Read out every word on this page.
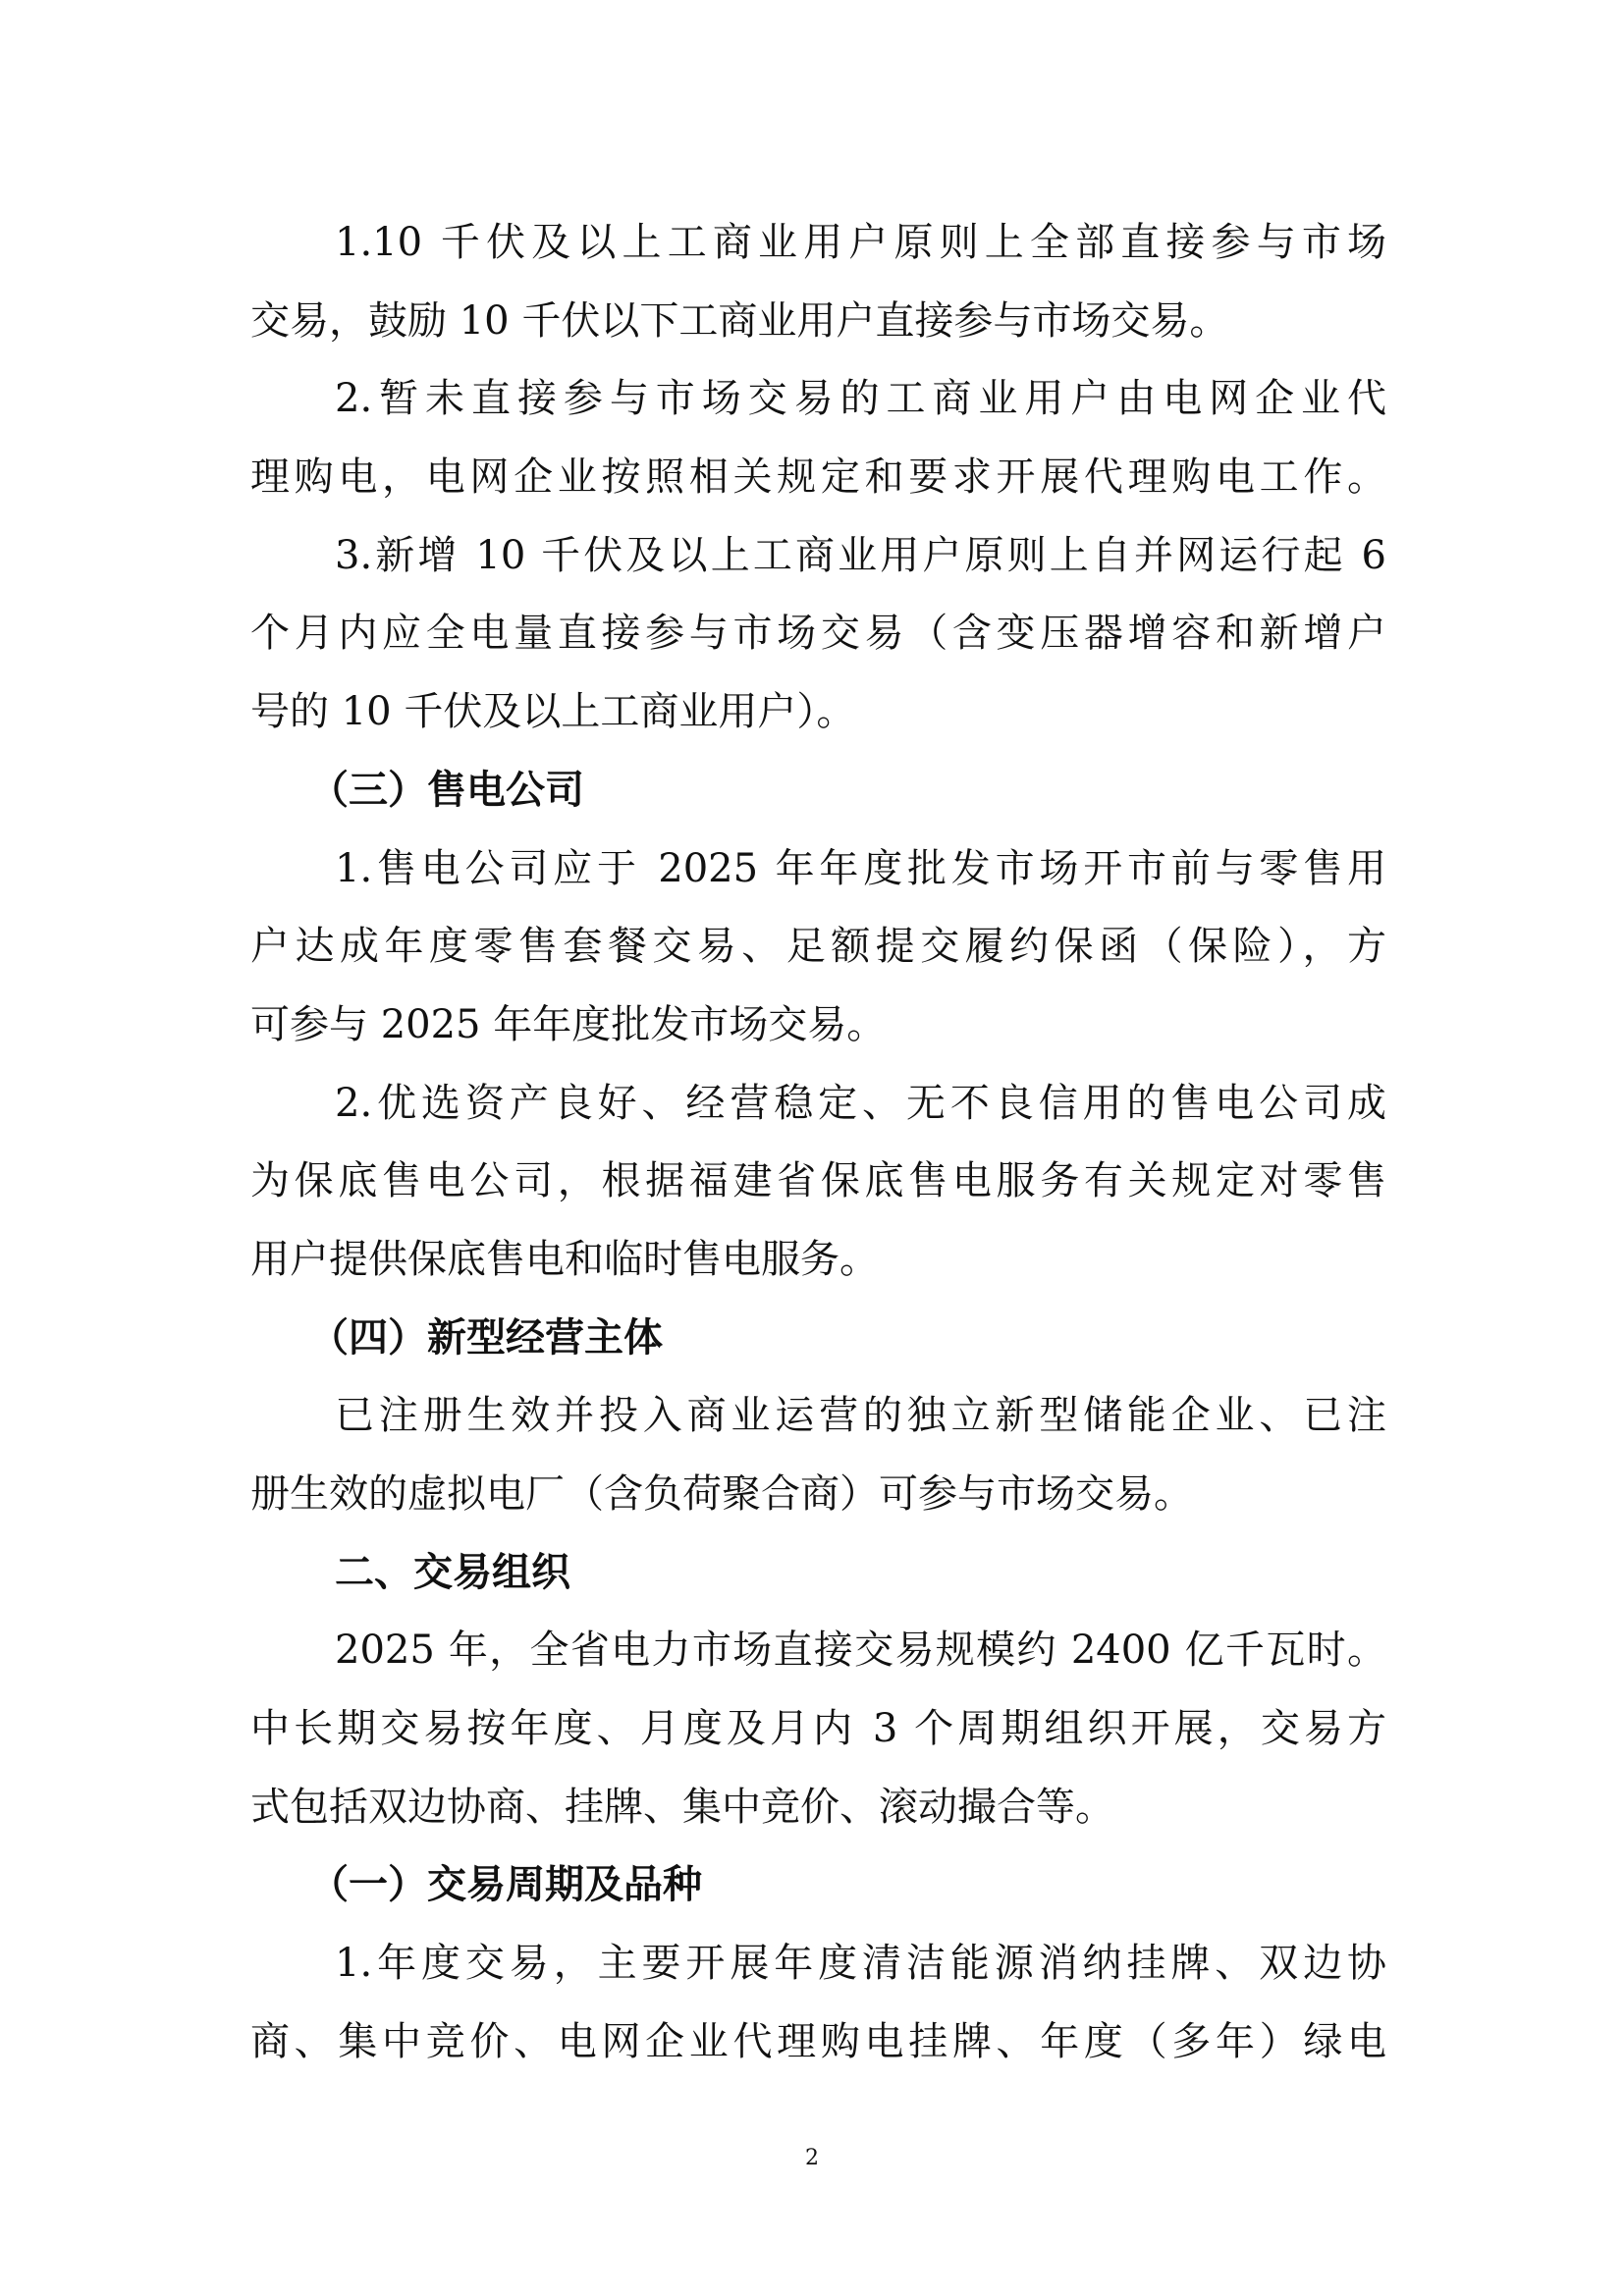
1.10 千伏及以上工商业用户原则上全部直接参与市场
交易，鼓励 10 千伏以下工商业用户直接参与市场交易。
2.暂未直接参与市场交易的工商业用户由电网企业代
理购电，电网企业按照相关规定和要求开展代理购电工作。
3.新增 10 千伏及以上工商业用户原则上自并网运行起 6
个月内应全电量直接参与市场交易（含变压器增容和新增户
号的 10 千伏及以上工商业用户）。
（三）售电公司
1.售电公司应于 2025 年年度批发市场开市前与零售用
户达成年度零售套餐交易、足额提交履约保函（保险），方
可参与 2025 年年度批发市场交易。
2.优选资产良好、经营稳定、无不良信用的售电公司成
为保底售电公司，根据福建省保底售电服务有关规定对零售
用户提供保底售电和临时售电服务。
（四）新型经营主体
已注册生效并投入商业运营的独立新型储能企业、已注
册生效的虚拟电厂（含负荷聚合商）可参与市场交易。
二、交易组织
2025 年，全省电力市场直接交易规模约 2400 亿千瓦时。
中长期交易按年度、月度及月内 3 个周期组织开展，交易方
式包括双边协商、挂牌、集中竞价、滚动撮合等。
（一）交易周期及品种
1.年度交易，主要开展年度清洁能源消纳挂牌、双边协
商、集中竞价、电网企业代理购电挂牌、年度（多年）绿电
2
